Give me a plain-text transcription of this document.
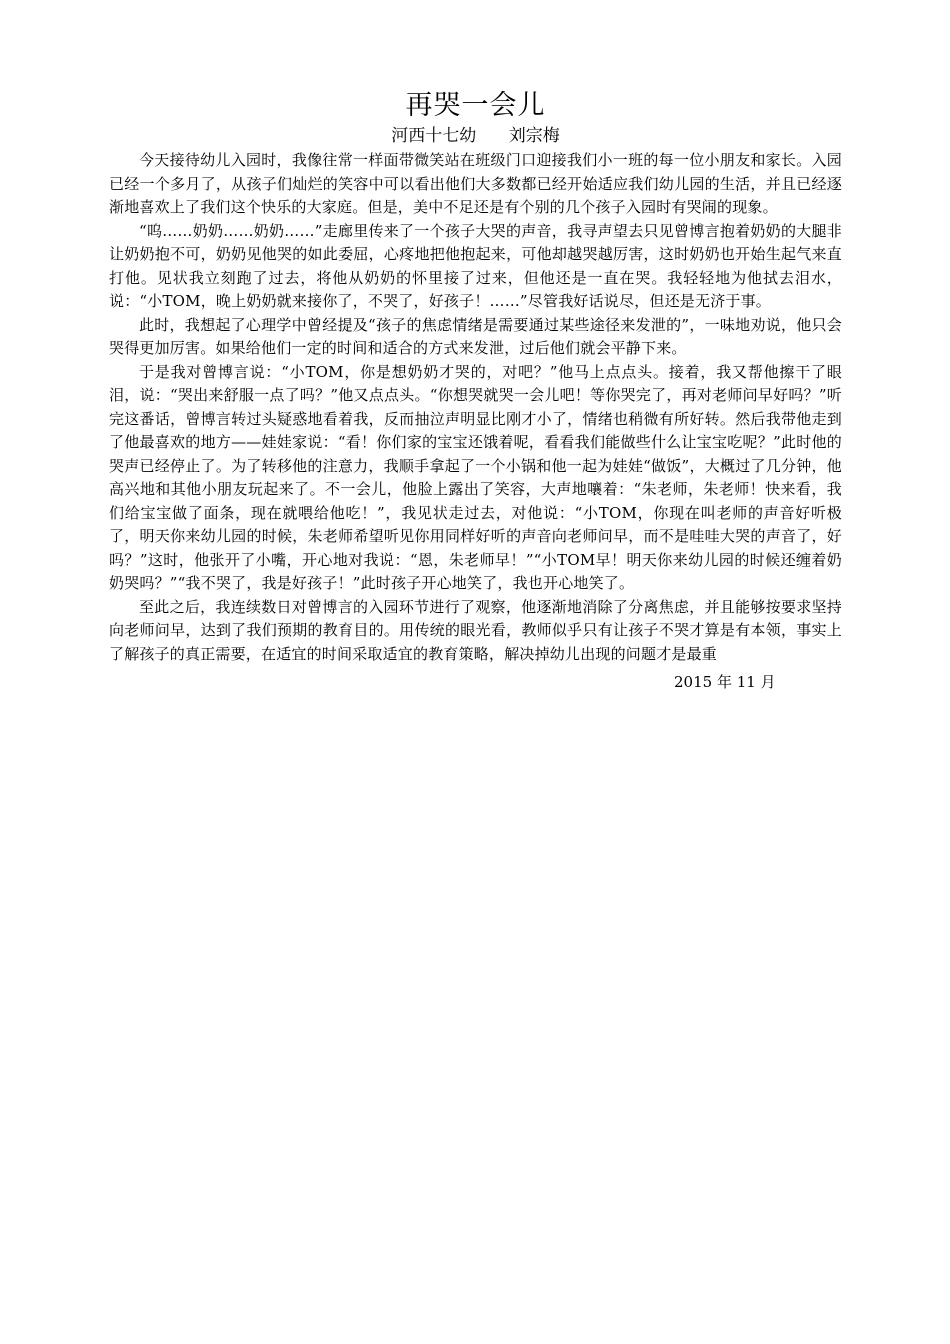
再哭一会儿
河西十七幼      刘宗梅

今天接待幼儿入园时，我像往常一样面带微笑站在班级门口迎接我们小一班的每一位小朋友和家长。入园已经一个多月了，从孩子们灿烂的笑容中可以看出他们大多数都已经开始适应我们幼儿园的生活，并且已经逐渐地喜欢上了我们这个快乐的大家庭。但是，美中不足还是有个别的几个孩子入园时有哭闹的现象。

“呜……奶奶……奶奶……”走廊里传来了一个孩子大哭的声音，我寻声望去只见曾博言抱着奶奶的大腿非让奶奶抱不可，奶奶见他哭的如此委屈，心疼地把他抱起来，可他却越哭越厉害，这时奶奶也开始生起气来直打他。见状我立刻跑了过去，将他从奶奶的怀里接了过来，但他还是一直在哭。我轻轻地为他拭去泪水，说：“小TOM，晚上奶奶就来接你了，不哭了，好孩子！……”尽管我好话说尽，但还是无济于事。

此时，我想起了心理学中曾经提及“孩子的焦虑情绪是需要通过某些途径来发泄的”，一味地劝说，他只会哭得更加厉害。如果给他们一定的时间和适合的方式来发泄，过后他们就会平静下来。

于是我对曾博言说：“小TOM，你是想奶奶才哭的，对吧？”他马上点点头。接着，我又帮他擦干了眼泪，说：“哭出来舒服一点了吗？”他又点点头。“你想哭就哭一会儿吧！等你哭完了，再对老师问早好吗？”听完这番话，曾博言转过头疑惑地看着我，反而抽泣声明显比刚才小了，情绪也稍微有所好转。然后我带他走到了他最喜欢的地方——娃娃家说：“看！你们家的宝宝还饿着呢，看看我们能做些什么让宝宝吃呢？”此时他的哭声已经停止了。为了转移他的注意力，我顺手拿起了一个小锅和他一起为娃娃“做饭”，大概过了几分钟，他高兴地和其他小朋友玩起来了。不一会儿，他脸上露出了笑容，大声地嚷着：“朱老师，朱老师！快来看，我们给宝宝做了面条，现在就喂给他吃！”，我见状走过去，对他说：“小TOM，你现在叫老师的声音好听极了，明天你来幼儿园的时候，朱老师希望听见你用同样好听的声音向老师问早，而不是哇哇大哭的声音了，好吗？”这时，他张开了小嘴，开心地对我说：“恩，朱老师早！”“小TOM早！明天你来幼儿园的时候还缠着奶奶哭吗？”“我不哭了，我是好孩子！”此时孩子开心地笑了，我也开心地笑了。

至此之后，我连续数日对曾博言的入园环节进行了观察，他逐渐地消除了分离焦虑，并且能够按要求坚持向老师问早，达到了我们预期的教育目的。用传统的眼光看，教师似乎只有让孩子不哭才算是有本领，事实上了解孩子的真正需要，在适宜的时间采取适宜的教育策略，解决掉幼儿出现的问题才是最重

2015 年 11 月
